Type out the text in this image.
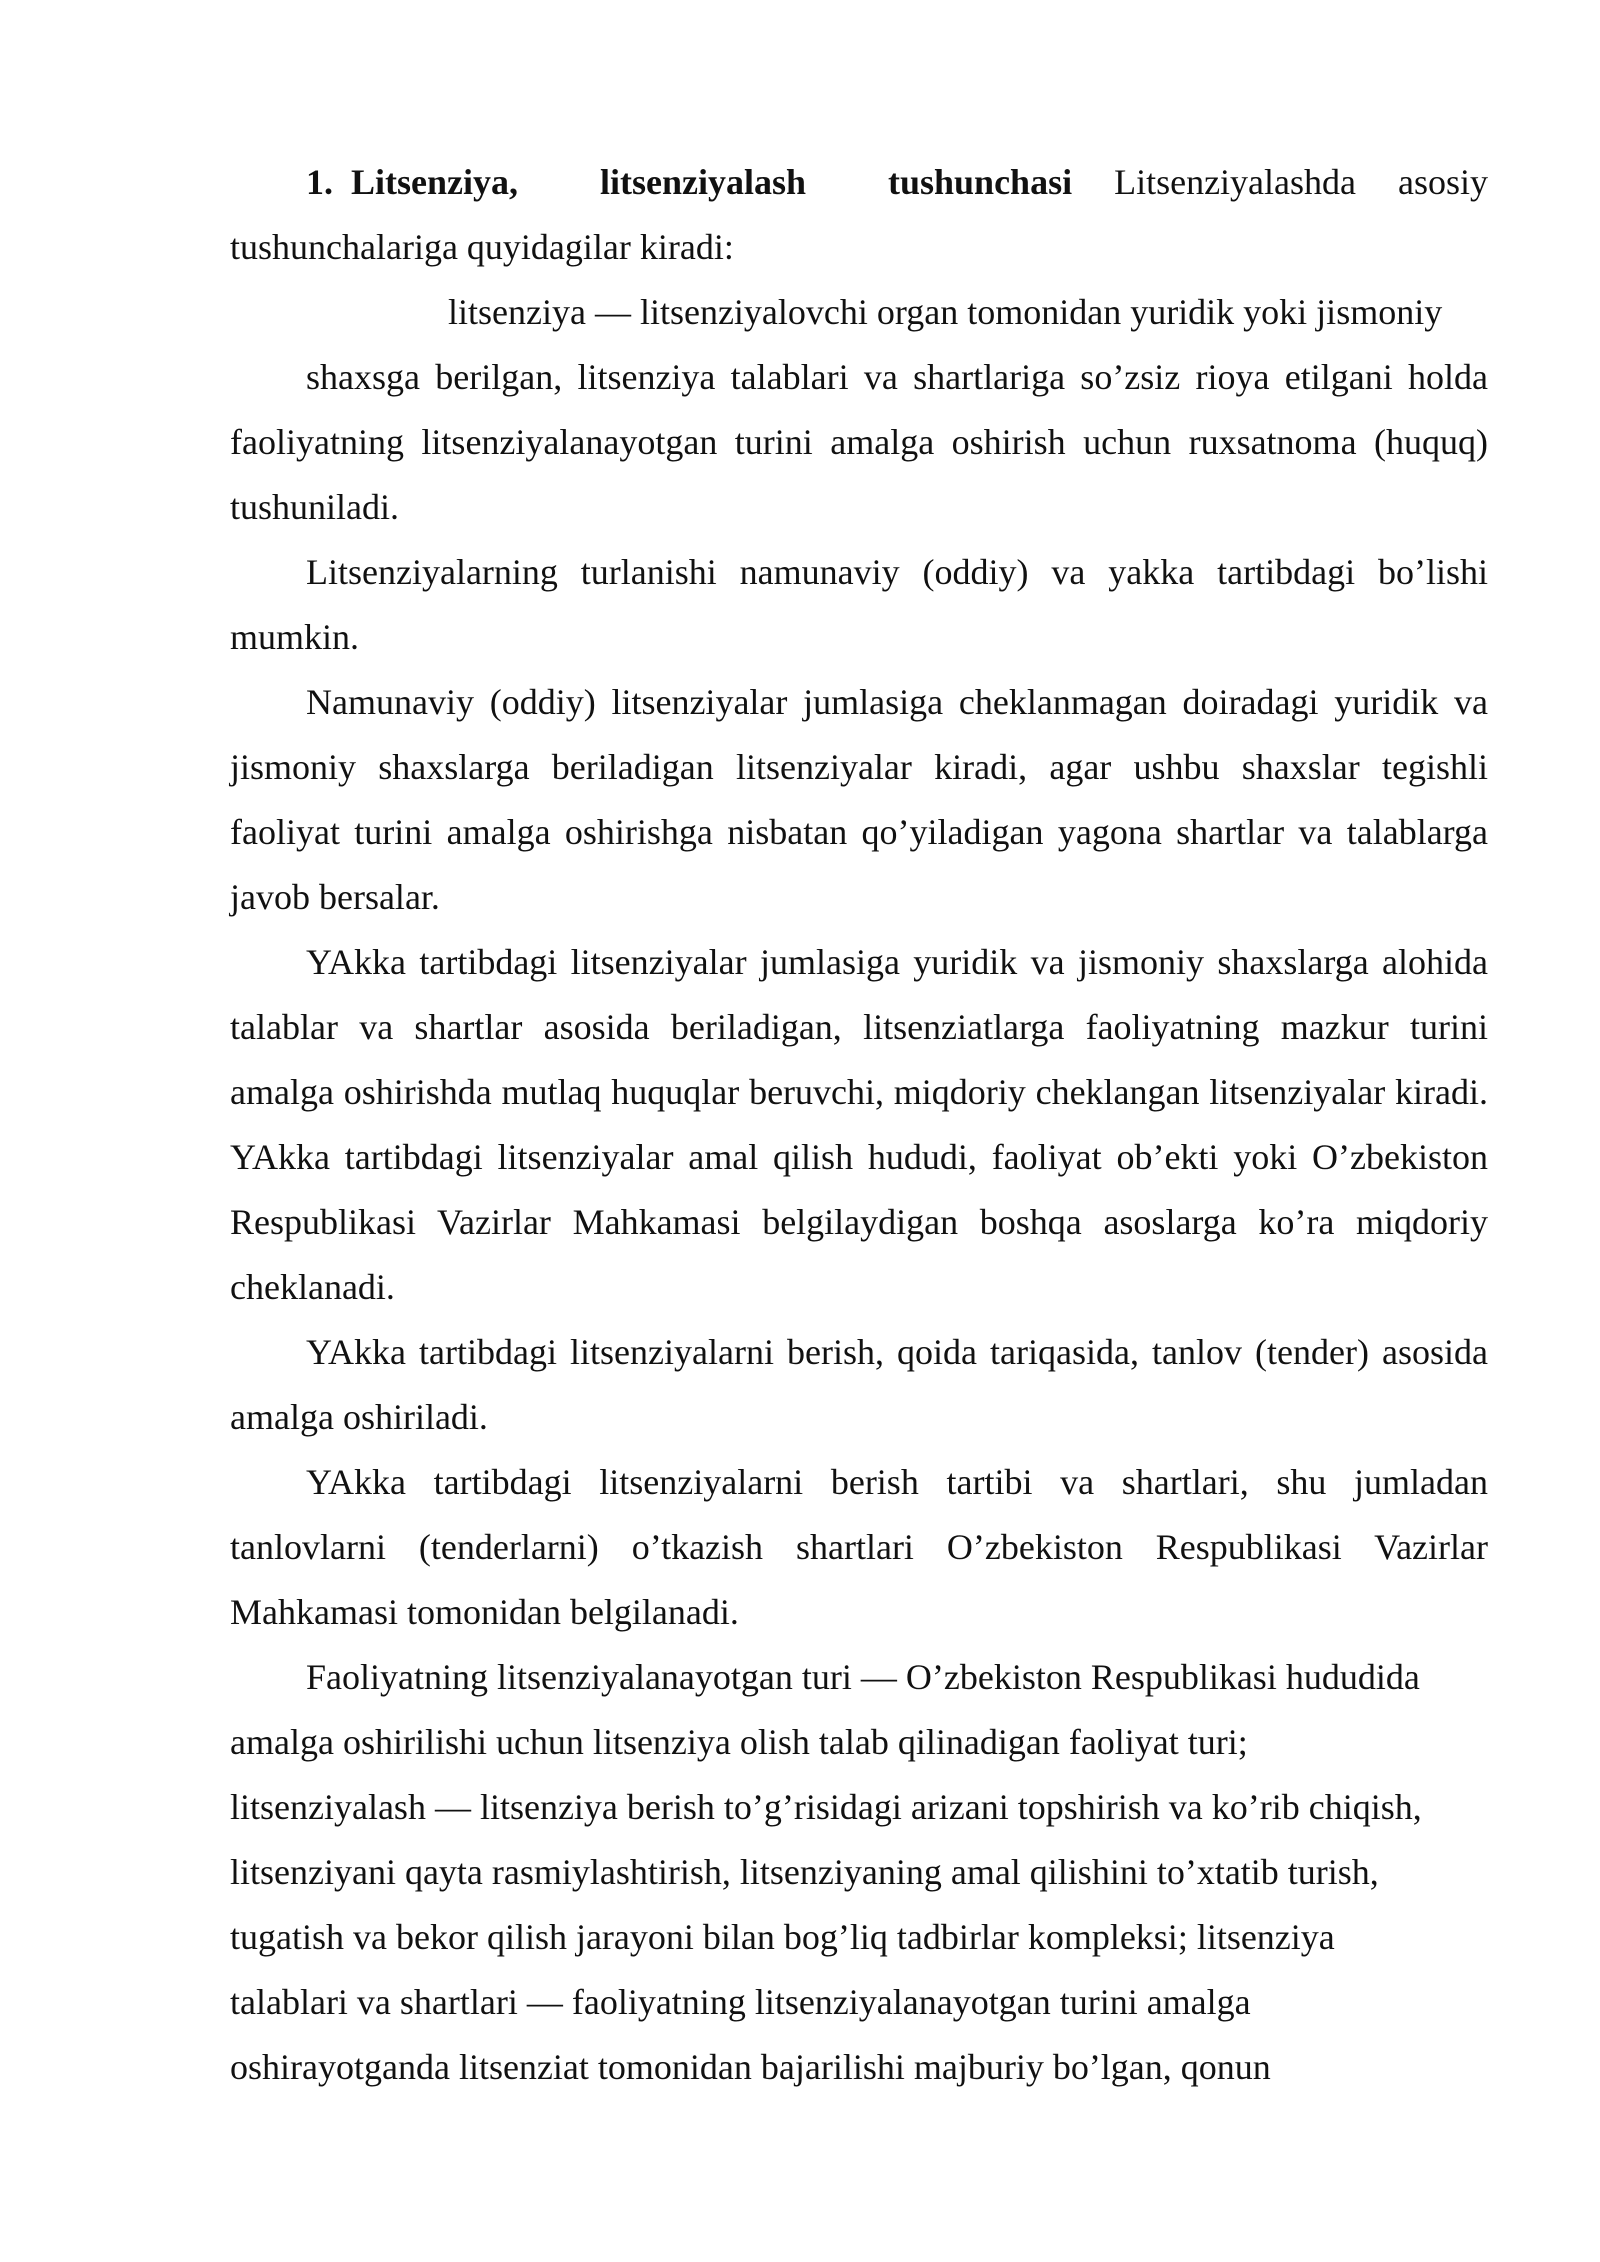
1. Litsenziya, litsenziyalash tushunchasi Litsenziyalashda asosiy tushunchalariga quyidagilar kiradi:

litsenziya — litsenziyalovchi organ tomonidan yuridik yoki jismoniy

shaxsga berilgan, litsenziya talablari va shartlariga so’zsiz rioya etilgani holda faoliyatning litsenziyalanayotgan turini amalga oshirish uchun ruxsatnoma (huquq) tushuniladi.

Litsenziyalarning turlanishi namunaviy (oddiy) va yakka tartibdagi bo’lishi mumkin.

Namunaviy (oddiy) litsenziyalar jumlasiga cheklanmagan doiradagi yuridik va jismoniy shaxslarga beriladigan litsenziyalar kiradi, agar ushbu shaxslar tegishli faoliyat turini amalga oshirishga nisbatan qo’yiladigan yagona shartlar va talablarga javob bersalar.

YAkka tartibdagi litsenziyalar jumlasiga yuridik va jismoniy shaxslarga alohida talablar va shartlar asosida beriladigan, litsenziatlarga faoliyatning mazkur turini amalga oshirishda mutlaq huquqlar beruvchi, miqdoriy cheklangan litsenziyalar kiradi. YAkka tartibdagi litsenziyalar amal qilish hududi, faoliyat ob’ekti yoki O’zbekiston Respublikasi Vazirlar Mahkamasi belgilaydigan boshqa asoslarga ko’ra miqdoriy cheklanadi.

YAkka tartibdagi litsenziyalarni berish, qoida tariqasida, tanlov (tender) asosida amalga oshiriladi.

YAkka tartibdagi litsenziyalarni berish tartibi va shartlari, shu jumladan tanlovlarni (tenderlarni) o’tkazish shartlari O’zbekiston Respublikasi Vazirlar Mahkamasi tomonidan belgilanadi.

Faoliyatning litsenziyalanayotgan turi — O’zbekiston Respublikasi hududida

amalga oshirilishi uchun litsenziya olish talab qilinadigan faoliyat turi;

litsenziyalash — litsenziya berish to’g’risidagi arizani topshirish va ko’rib chiqish,

litsenziyani qayta rasmiylashtirish, litsenziyaning amal qilishini to’xtatib turish,

tugatish va bekor qilish jarayoni bilan bog’liq tadbirlar kompleksi; litsenziya

talablari va shartlari — faoliyatning litsenziyalanayotgan turini amalga

oshirayotganda litsenziat tomonidan bajarilishi majburiy bo’lgan, qonun
